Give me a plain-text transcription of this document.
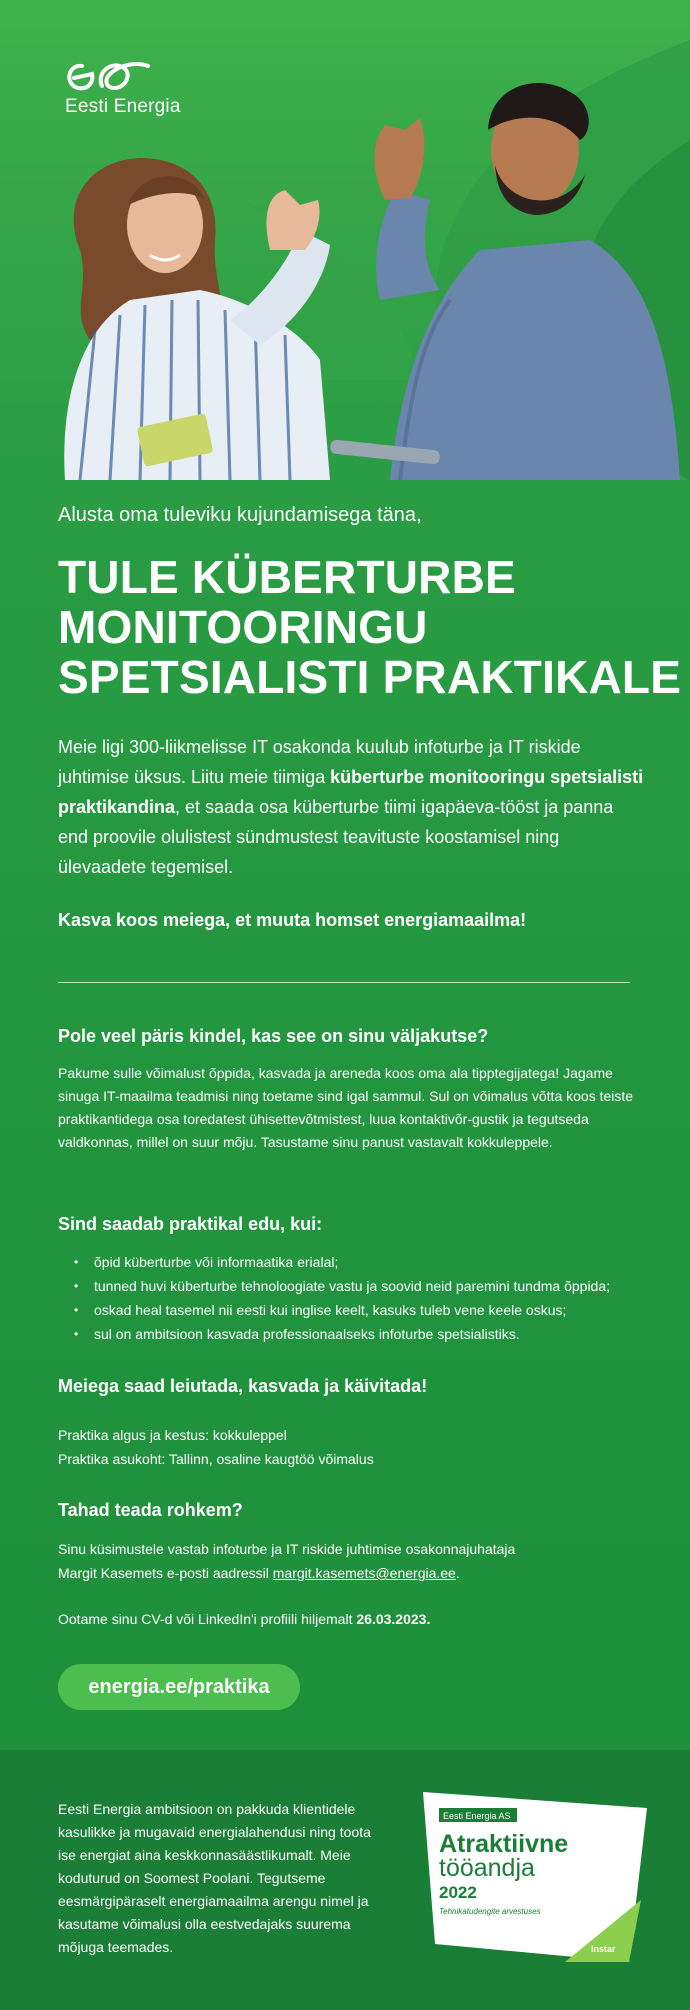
Eesti Energia
Alusta oma tuleviku kujundamisega täna,
TULE KÜBERTURBE
MONITOORINGU
SPETSIALISTI PRAKTIKALE
Meie ligi 300-liikmelisse IT osakonda kuulub infoturbe ja IT riskide juhtimise üksus. Liitu meie tiimiga küberturbe monitooringu spetsialisti praktikandina, et saada osa küberturbe tiimi igapäeva-tööst ja panna end proovile olulistest sündmustest teavituste koostamisel ning ülevaadete tegemisel.
Kasva koos meiega, et muuta homset energiamaailma!
Pole veel päris kindel, kas see on sinu väljakutse?
Pakume sulle võimalust õppida, kasvada ja areneda koos oma ala tipptegijatega! Jagame sinuga IT-maailma teadmisi ning toetame sind igal sammul. Sul on võimalus võtta koos teiste praktikantidega osa toredatest ühisettevõtmistest, luua kontaktivõr-gustik ja tegutseda valdkonnas, millel on suur mõju. Tasustame sinu panust vastavalt kokkuleppele.
Sind saadab praktikal edu, kui:
• õpid küberturbe või informaatika erialal;
• tunned huvi küberturbe tehnoloogiate vastu ja soovid neid paremini tundma õppida;
• oskad heal tasemel nii eesti kui inglise keelt, kasuks tuleb vene keele oskus;
• sul on ambitsioon kasvada professionaalseks infoturbe spetsialistiks.
Meiega saad leiutada, kasvada ja käivitada!
Praktika algus ja kestus: kokkuleppel
Praktika asukoht: Tallinn, osaline kaugtöö võimalus
Tahad teada rohkem?
Sinu küsimustele vastab infoturbe ja IT riskide juhtimise osakonnajuhataja
Margit Kasemets e-posti aadressil margit.kasemets@energia.ee.
Ootame sinu CV-d või LinkedIn'i profiili hiljemalt 26.03.2023.
energia.ee/praktika
Eesti Energia ambitsioon on pakkuda klientidele kasulikke ja mugavaid energialahendusi ning toota ise energiat aina keskkonnasäästlikumalt. Meie koduturud on Soomest Poolani. Tegutseme eesmärgipäraselt energiamaailma arengu nimel ja kasutame võimalusi olla eestvedajaks suurema mõjuga teemades.
Eesti Energia AS
Atraktiivne
tööandja
2022
Tehnikatudengite arvestuses
instar
